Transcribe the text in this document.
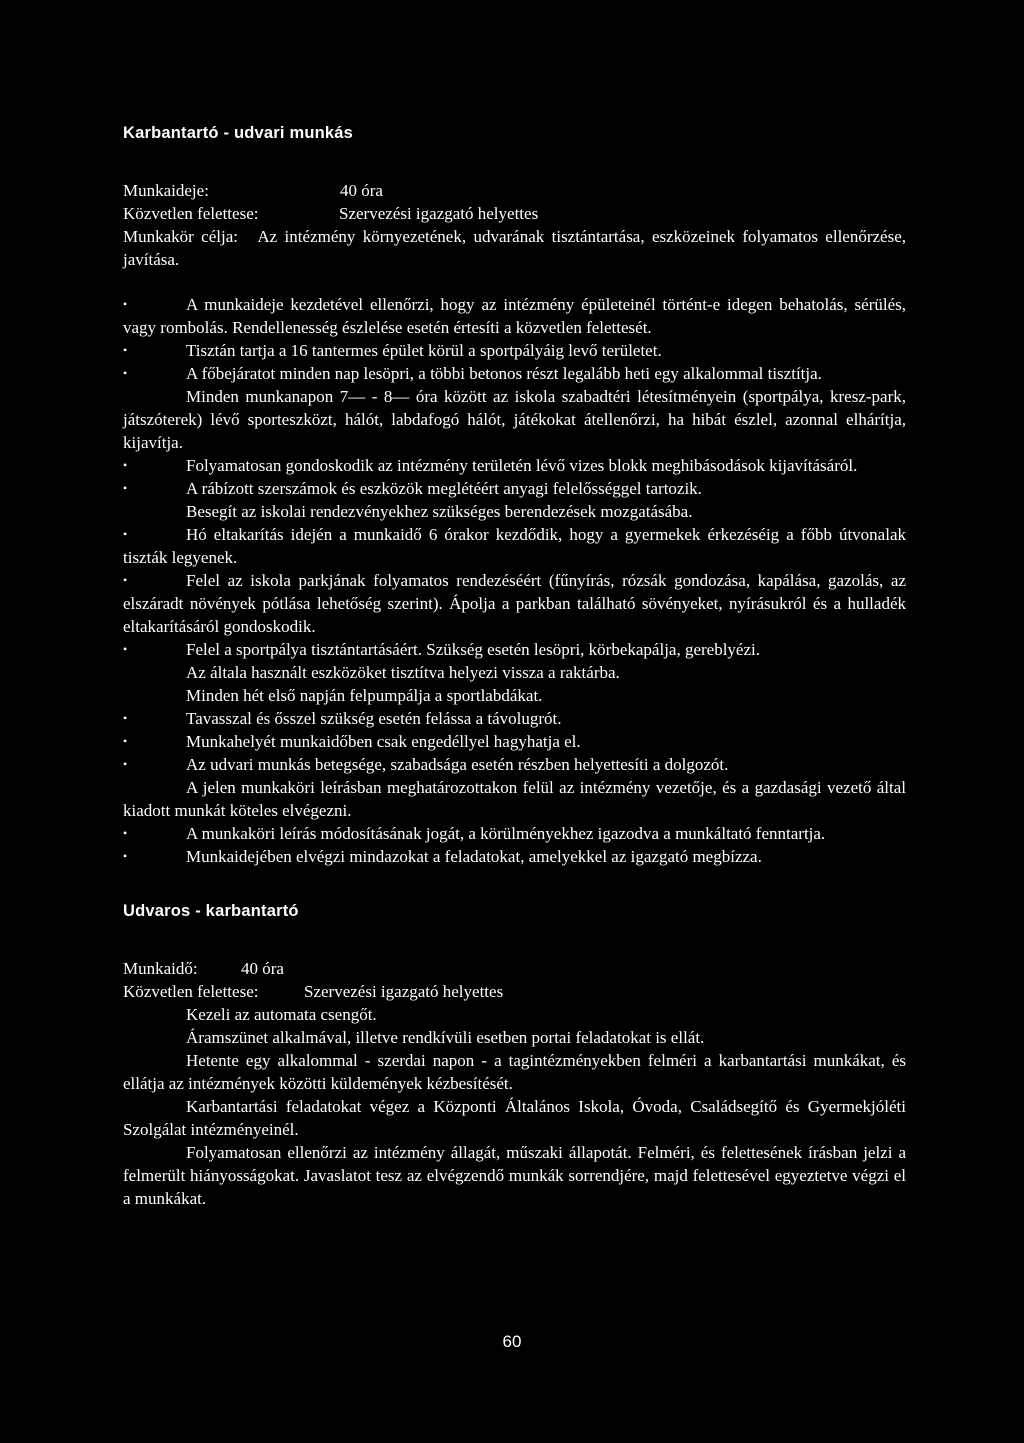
Karbantartó - udvari munkás

Munkaideje:	40 óra
Közvetlen felettese:	Szervezési igazgató helyettes

Munkakör célja: Az intézmény környezetének, udvarának tisztántartása, eszközeinek folyamatos ellenőrzése, javítása.

• A munkaideje kezdetével ellenőrzi, hogy az intézmény épületeinél történt-e idegen behatolás, sérülés, vagy rombolás. Rendellenesség észlelése esetén értesíti a közvetlen felettesét.

• Tisztán tartja a 16 tantermes épület körül a sportpályáig levő területet.

• A főbejáratot minden nap lesöpri, a többi betonos részt legalább heti egy alkalommal tisztítja.

Minden munkanapon 7— - 8— óra között az iskola szabadtéri létesítményein (sportpálya, kresz-park, játszóterek) lévő sporteszközt, hálót, labdafogó hálót, játékokat átellenőrzi, ha hibát észlel, azonnal elhárítja, kijavítja.

• Folyamatosan gondoskodik az intézmény területén lévő vizes blokk meghibásodások kijavításáról.

• A rábízott szerszámok és eszközök meglétéért anyagi felelősséggel tartozik.

Besegít az iskolai rendezvényekhez szükséges berendezések mozgatásába.

• Hó eltakarítás idején a munkaidő 6 órakor kezdődik, hogy a gyermekek érkezéséig a főbb útvonalak tiszták legyenek.

• Felel az iskola parkjának folyamatos rendezéséért (fűnyírás, rózsák gondozása, kapálása, gazolás, az elszáradt növények pótlása lehetőség szerint). Ápolja a parkban található sövényeket, nyírásukról és a hulladék eltakarításáról gondoskodik.

• Felel a sportpálya tisztántartásáért. Szükség esetén lesöpri, körbekapálja, gereblyézi.

Az általa használt eszközöket tisztítva helyezi vissza a raktárba.

Minden hét első napján felpumpálja a sportlabdákat.

• Tavasszal és ősszel szükség esetén felássa a távolugrót.

• Munkahelyét munkaidőben csak engedéllyel hagyhatja el.

• Az udvari munkás betegsége, szabadsága esetén részben helyettesíti a dolgozót.

A jelen munkaköri leírásban meghatározottakon felül az intézmény vezetője, és a gazdasági vezető által kiadott munkát köteles elvégezni.

• A munkaköri leírás módosításának jogát, a körülményekhez igazodva a munkáltató fenntartja.

• Munkaidejében elvégzi mindazokat a feladatokat, amelyekkel az igazgató megbízza.

Udvaros - karbantartó

Munkaidő:	40 óra
Közvetlen felettese:	Szervezési igazgató helyettes

Kezeli az automata csengőt.

Áramszünet alkalmával, illetve rendkívüli esetben portai feladatokat is ellát.

Hetente egy alkalommal - szerdai napon - a tagintézményekben felméri a karbantartási munkákat, és ellátja az intézmények közötti küldemények kézbesítését.

Karbantartási feladatokat végez a Központi Általános Iskola, Óvoda, Családsegítő és Gyermekjóléti Szolgálat intézményeinél.

Folyamatosan ellenőrzi az intézmény állagát, műszaki állapotát. Felméri, és felettesének írásban jelzi a felmerült hiányosságokat. Javaslatot tesz az elvégzendő munkák sorrendjére, majd felettesével egyeztetve végzi el a munkákat.

60
